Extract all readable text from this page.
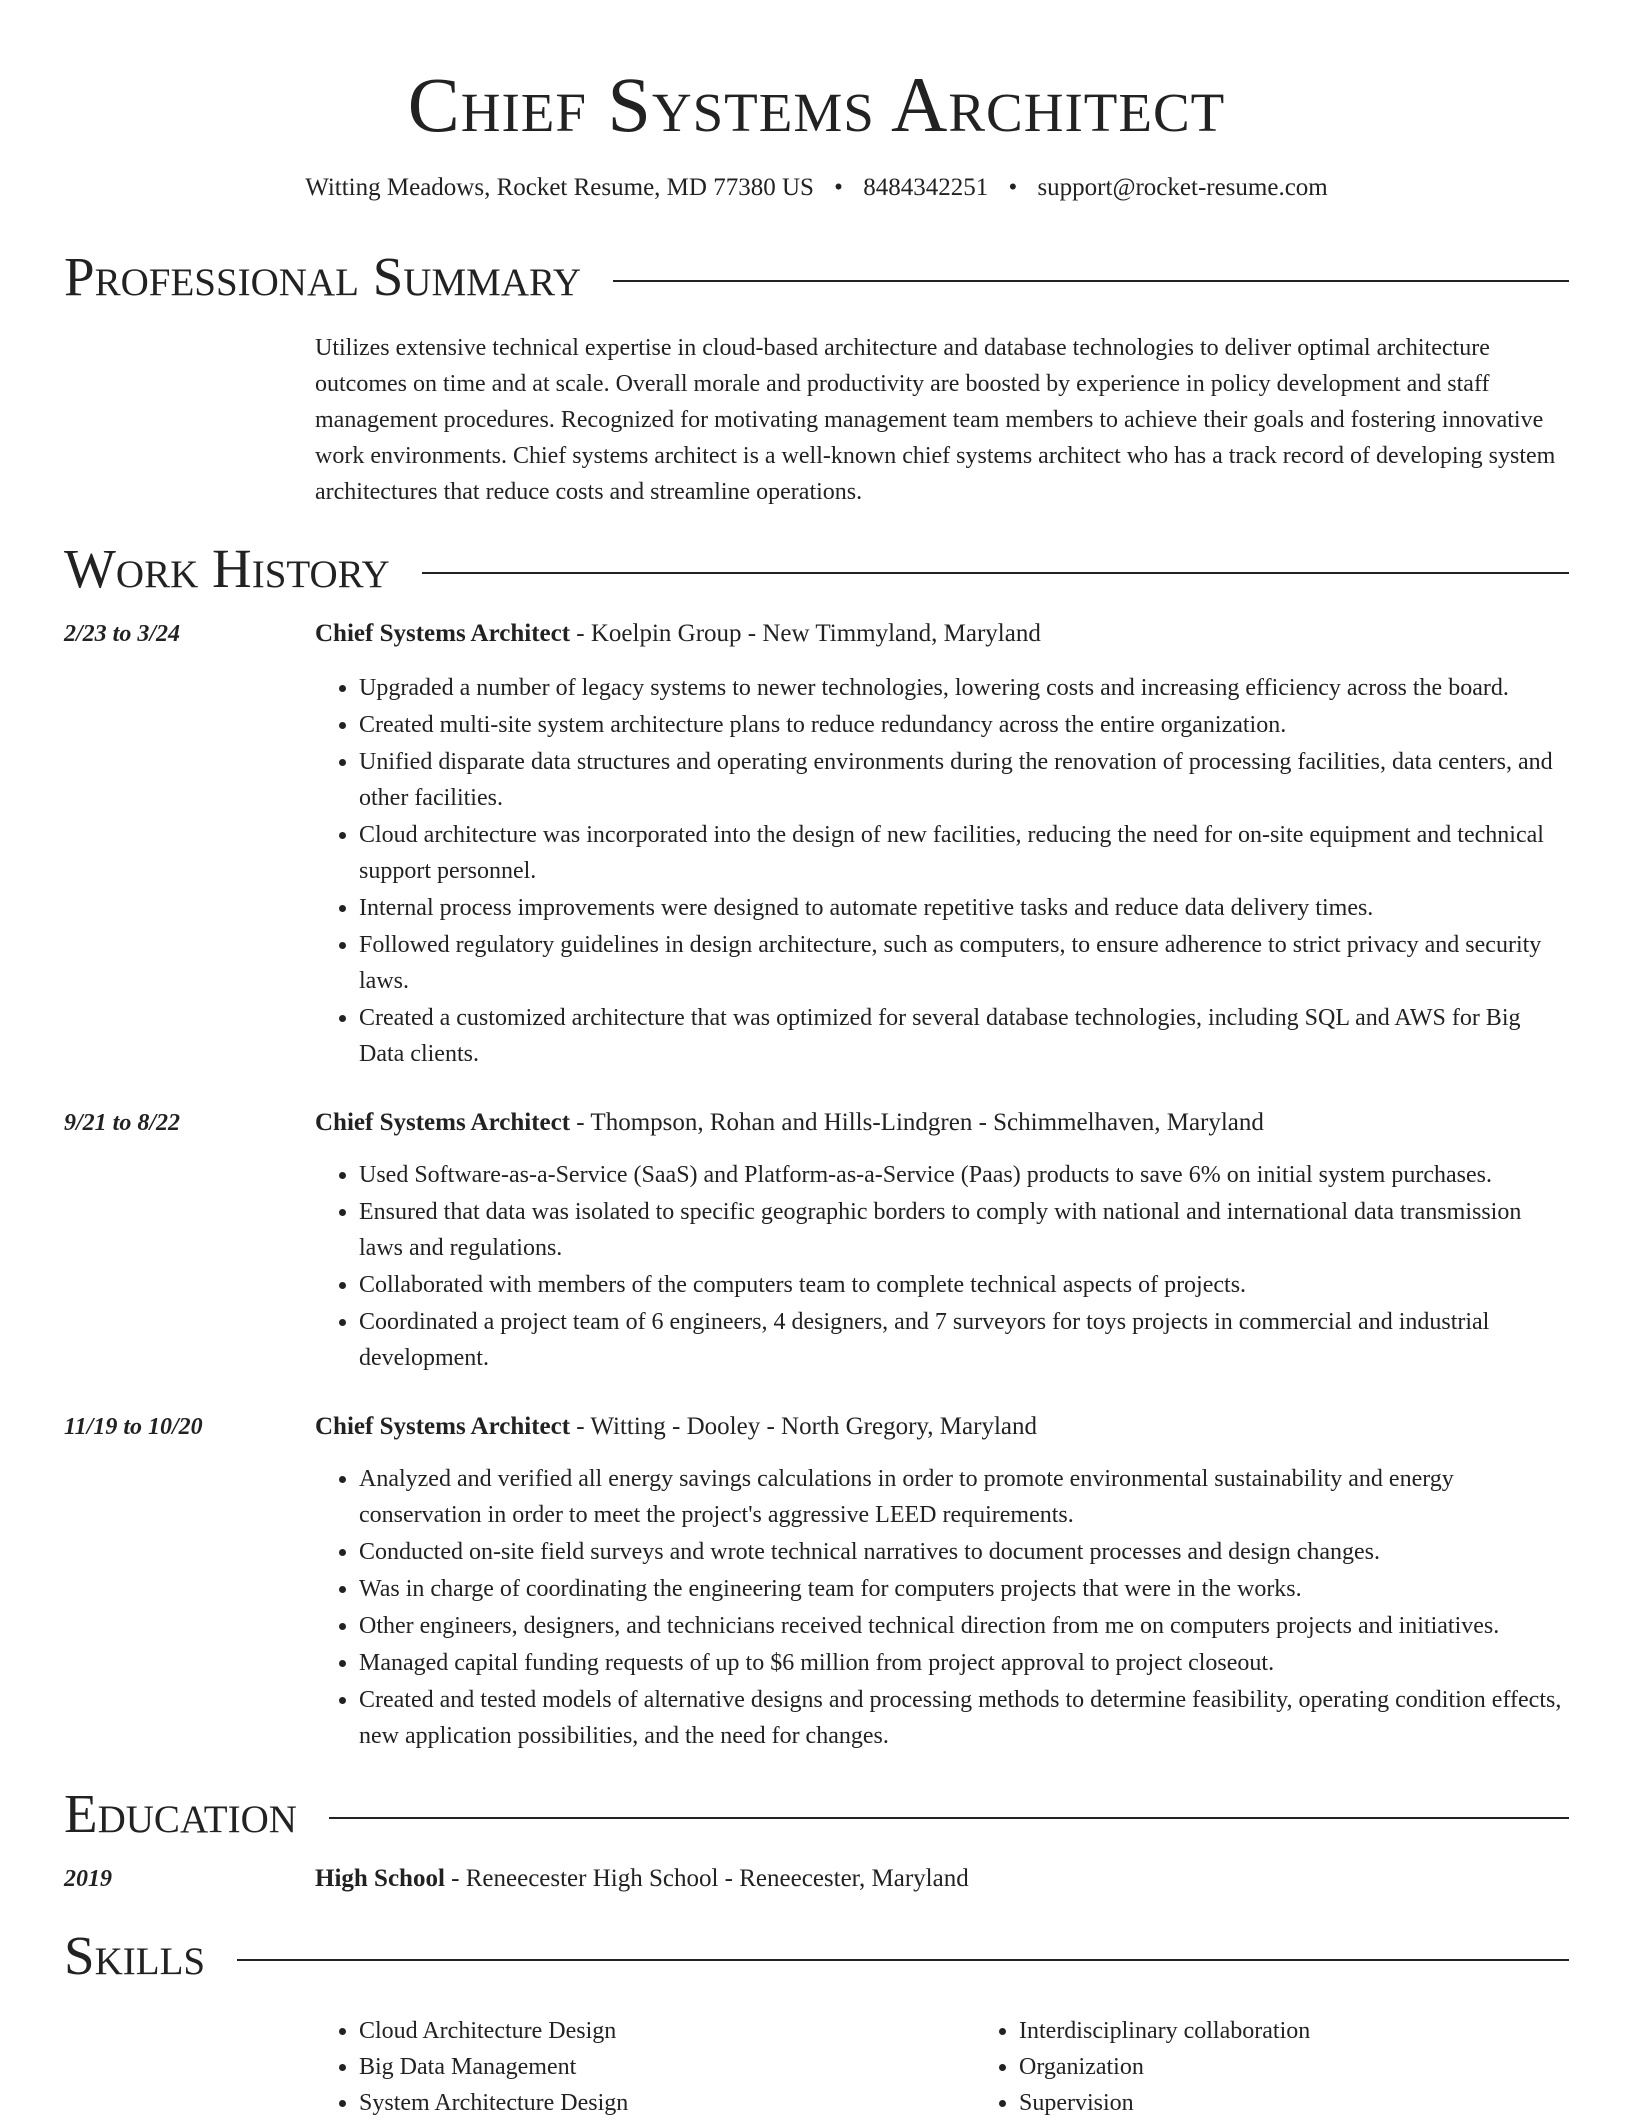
Chief Systems Architect
Witting Meadows, Rocket Resume, MD 77380 US • 8484342251 • support@rocket-resume.com
Professional Summary
Utilizes extensive technical expertise in cloud-based architecture and database technologies to deliver optimal architecture outcomes on time and at scale. Overall morale and productivity are boosted by experience in policy development and staff management procedures. Recognized for motivating management team members to achieve their goals and fostering innovative work environments. Chief systems architect is a well-known chief systems architect who has a track record of developing system architectures that reduce costs and streamline operations.
Work History
2/23 to 3/24	Chief Systems Architect - Koelpin Group - New Timmyland, Maryland
• Upgraded a number of legacy systems to newer technologies, lowering costs and increasing efficiency across the board.
• Created multi-site system architecture plans to reduce redundancy across the entire organization.
• Unified disparate data structures and operating environments during the renovation of processing facilities, data centers, and other facilities.
• Cloud architecture was incorporated into the design of new facilities, reducing the need for on-site equipment and technical support personnel.
• Internal process improvements were designed to automate repetitive tasks and reduce data delivery times.
• Followed regulatory guidelines in design architecture, such as computers, to ensure adherence to strict privacy and security laws.
• Created a customized architecture that was optimized for several database technologies, including SQL and AWS for Big Data clients.
9/21 to 8/22	Chief Systems Architect - Thompson, Rohan and Hills-Lindgren - Schimmelhaven, Maryland
• Used Software-as-a-Service (SaaS) and Platform-as-a-Service (Paas) products to save 6% on initial system purchases.
• Ensured that data was isolated to specific geographic borders to comply with national and international data transmission laws and regulations.
• Collaborated with members of the computers team to complete technical aspects of projects.
• Coordinated a project team of 6 engineers, 4 designers, and 7 surveyors for toys projects in commercial and industrial development.
11/19 to 10/20	Chief Systems Architect - Witting - Dooley - North Gregory, Maryland
• Analyzed and verified all energy savings calculations in order to promote environmental sustainability and energy conservation in order to meet the project's aggressive LEED requirements.
• Conducted on-site field surveys and wrote technical narratives to document processes and design changes.
• Was in charge of coordinating the engineering team for computers projects that were in the works.
• Other engineers, designers, and technicians received technical direction from me on computers projects and initiatives.
• Managed capital funding requests of up to $6 million from project approval to project closeout.
• Created and tested models of alternative designs and processing methods to determine feasibility, operating condition effects, new application possibilities, and the need for changes.
Education
2019	High School - Reneecester High School - Reneecester, Maryland
Skills
• Cloud Architecture Design
• Big Data Management
• System Architecture Design
• Interdisciplinary collaboration
• Organization
• Supervision
